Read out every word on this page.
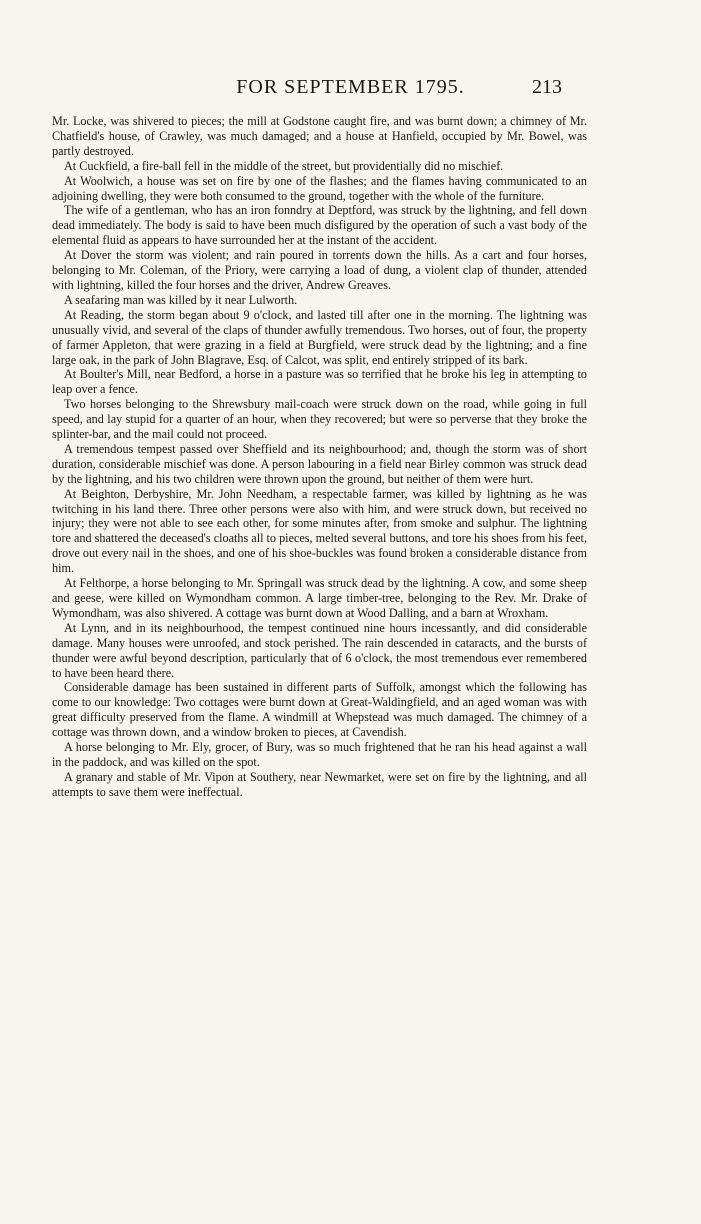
FOR SEPTEMBER 1795.	213

Mr. Locke, was shivered to pieces; the mill at Godstone caught fire, and was burnt down; a chimney of Mr. Chatfield's house, of Crawley, was much damaged; and a house at Hanfield, occupied by Mr. Bowel, was partly destroyed.

At Cuckfield, a fire-ball fell in the middle of the street, but providentially did no mischief.

At Woolwich, a house was set on fire by one of the flashes; and the flames having communicated to an adjoining dwelling, they were both consumed to the ground, together with the whole of the furniture.

The wife of a gentleman, who has an iron fonndry at Deptford, was struck by the lightning, and fell down dead immediately. The body is said to have been much disfigured by the operation of such a vast body of the elemental fluid as appears to have surrounded her at the instant of the accident.

At Dover the storm was violent; and rain poured in torrents down the hills. As a cart and four horses, belonging to Mr. Coleman, of the Priory, were carrying a load of dung, a violent clap of thunder, attended with lightning, killed the four horses and the driver, Andrew Greaves.

A seafaring man was killed by it near Lulworth.

At Reading, the storm began about 9 o'clock, and lasted till after one in the morning. The lightning was unusually vivid, and several of the claps of thunder awfully tremendous. Two horses, out of four, the property of farmer Appleton, that were grazing in a field at Burgfield, were struck dead by the lightning; and a fine large oak, in the park of John Blagrave, Esq. of Calcot, was split, end entirely stripped of its bark.

At Boulter's Mill, near Bedford, a horse in a pasture was so terrified that he broke his leg in attempting to leap over a fence.

Two horses belonging to the Shrewsbury mail-coach were struck down on the road, while going in full speed, and lay stupid for a quarter of an hour, when they recovered; but were so perverse that they broke the splinter-bar, and the mail could not proceed.

A tremendous tempest passed over Sheffield and its neighbourhood; and, though the storm was of short duration, considerable mischief was done. A person labouring in a field near Birley common was struck dead by the lightning, and his two children were thrown upon the ground, but neither of them were hurt.

At Beighton, Derbyshire, Mr. John Needham, a respectable farmer, was killed by lightning as he was twitching in his land there. Three other persons were also with him, and were struck down, but received no injury; they were not able to see each other, for some minutes after, from smoke and sulphur. The lightning tore and shattered the deceased's cloaths all to pieces, melted several buttons, and tore his shoes from his feet, drove out every nail in the shoes, and one of his shoe-buckles was found broken a considerable distance from him.

At Felthorpe, a horse belonging to Mr. Springall was struck dead by the lightning. A cow, and some sheep and geese, were killed on Wymondham common. A large timber-tree, belonging to the Rev. Mr. Drake of Wymondham, was also shivered. A cottage was burnt down at Wood Dalling, and a barn at Wroxham.

At Lynn, and in its neighbourhood, the tempest continued nine hours incessantly, and did considerable damage. Many houses were unroofed, and stock perished. The rain descended in cataracts, and the bursts of thunder were awful beyond description, particularly that of 6 o'clock, the most tremendous ever remembered to have been heard there.

Considerable damage has been sustained in different parts of Suffolk, amongst which the following has come to our knowledge: Two cottages were burnt down at Great-Waldingfield, and an aged woman was with great difficulty preserved from the flame. A windmill at Whepstead was much damaged. The chimney of a cottage was thrown down, and a window broken to pieces, at Cavendish.

A horse belonging to Mr. Ely, grocer, of Bury, was so much frightened that he ran his head against a wall in the paddock, and was killed on the spot.

A granary and stable of Mr. Vipon at Southery, near Newmarket, were set on fire by the lightning, and all attempts to save them were ineffectual.
